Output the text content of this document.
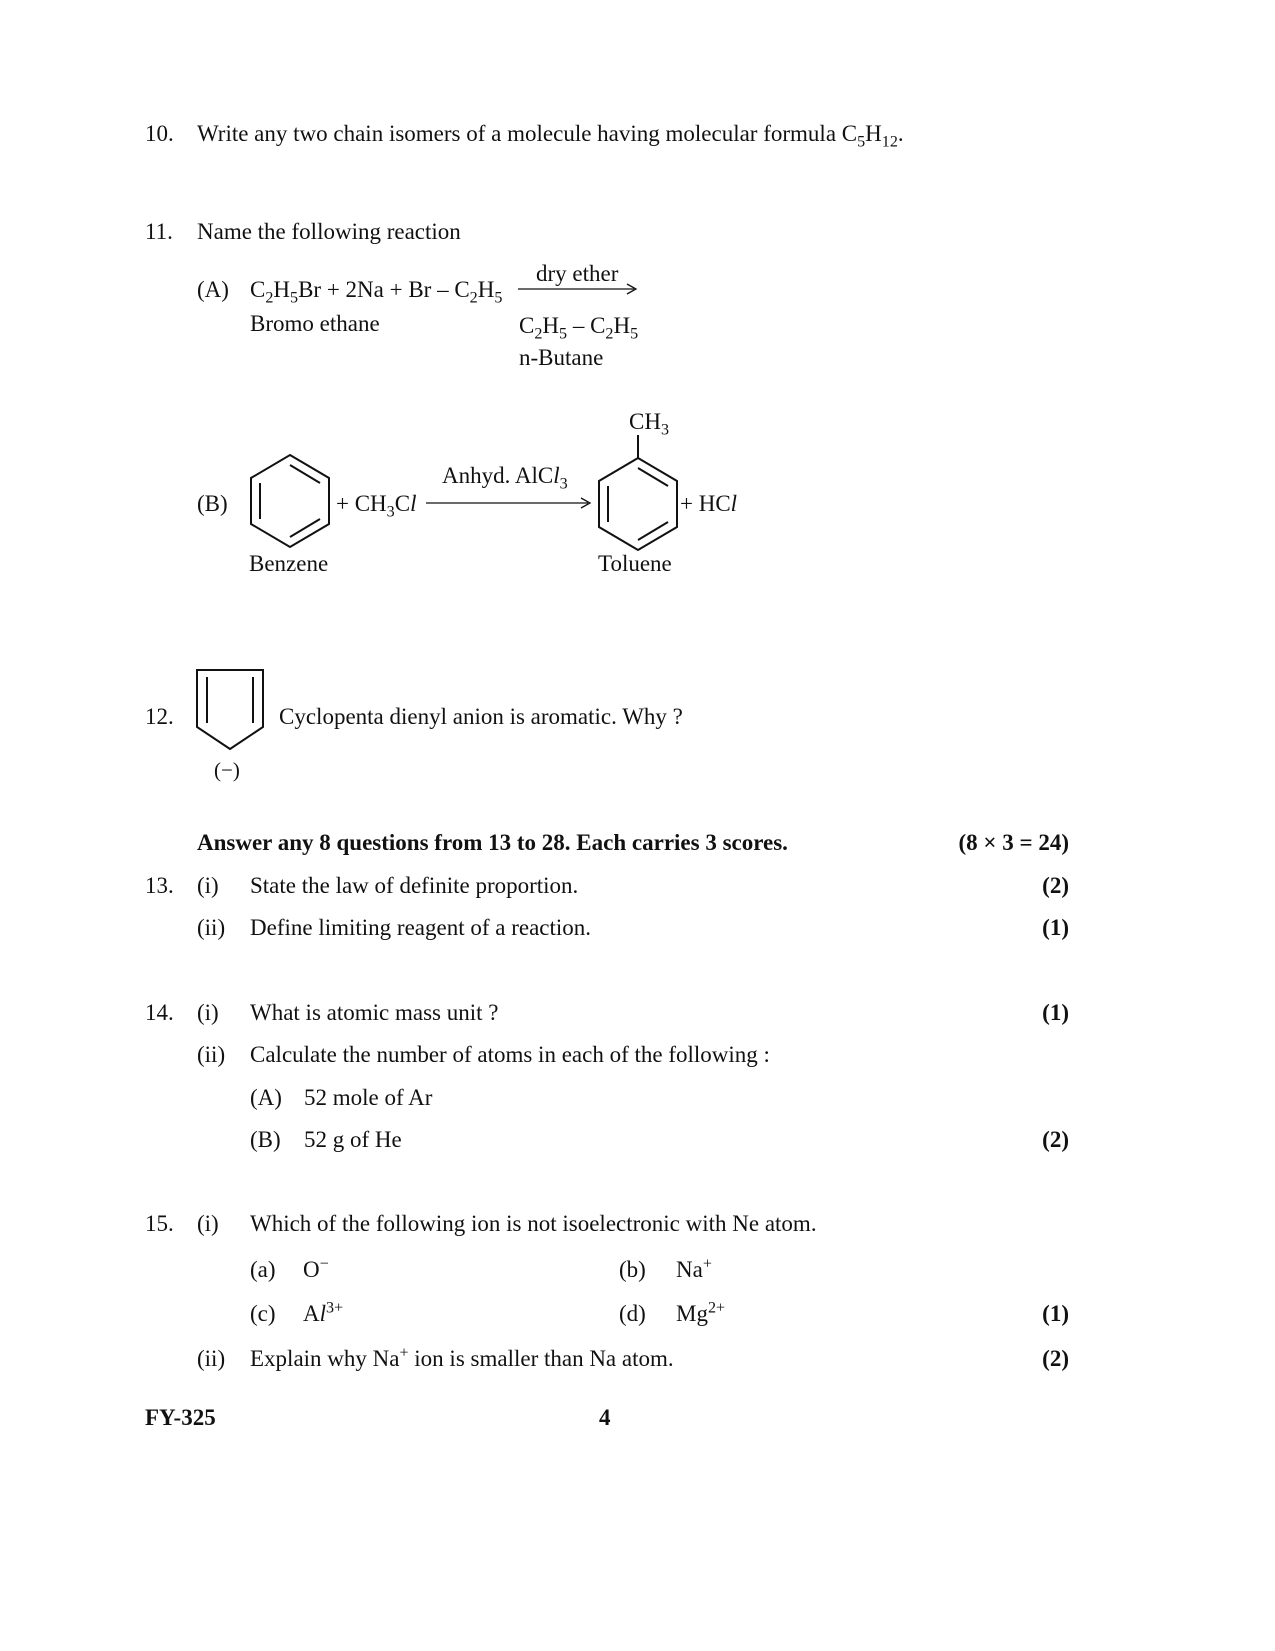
10. Write any two chain isomers of a molecule having molecular formula $C_5H_{12}$.
11. Name the following reaction
(A) $C_2H_5Br + 2Na + Br - C_2H_5$
dry ether
Bromo ethane	$C_2H_5 - C_2H_5$
n-Butane
(B)	+ $CH_3Cl$
Anhyd. AlCl$_3$
$CH_3$
+ HCl
Benzene	Toluene
12.
(−)
Cyclopenta dienyl anion is aromatic. Why ?
Answer any 8 questions from 13 to 28. Each carries 3 scores.	(8 × 3 = 24)
13. (i) State the law of definite proportion.	(2)
(ii) Define limiting reagent of a reaction.	(1)
14. (i) What is atomic mass unit ?	(1)
(ii) Calculate the number of atoms in each of the following :
(A) 52 mole of Ar
(B) 52 g of He	(2)
15. (i) Which of the following ion is not isoelectronic with Ne atom.
(a) O−	(b) Na+
(c) $Al^{3+}$	(d) $Mg^{2+}$	(1)
(ii) Explain why Na+ ion is smaller than Na atom.	(2)
FY-325	4
